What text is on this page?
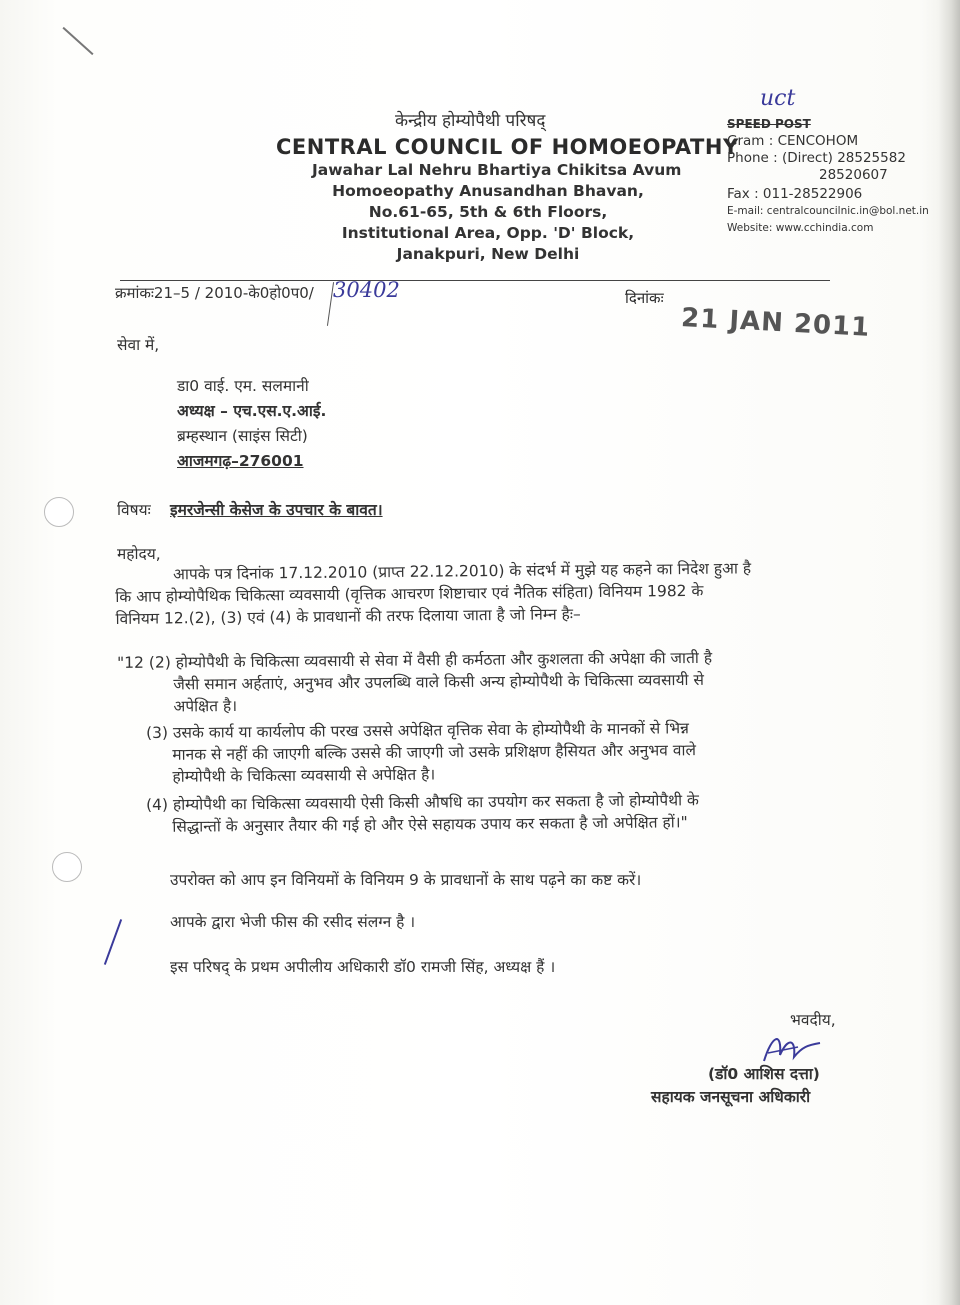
केन्द्रीय होम्योपैथी परिषद्
CENTRAL COUNCIL OF HOMOEOPATHY
Jawahar Lal Nehru Bhartiya Chikitsa Avum
Homoeopathy Anusandhan Bhavan,
No.61-65, 5th & 6th Floors,
Institutional Area, Opp. 'D' Block,
Janakpuri, New Delhi
uct
SPEED POST
Gram : CENCOHOM
Phone : (Direct) 28525582
28520607
Fax : 011-28522906
E-mail: centralcouncilnic.in@bol.net.in
Website: www.cchindia.com
क्रमांकः21–5 / 2010-के0हो0प0/ 30402	दिनांकः
21 JAN 2011
सेवा में,
डा0 वाई. एम. सलमानी
अध्यक्ष – एच.एस.ए.आई.
ब्रम्हस्थान (साइंस सिटी)
आजमगढ़–276001
विषयः इमरजेन्सी केसेज के उपचार के बावत।
महोदय,
आपके पत्र दिनांक 17.12.2010 (प्राप्त 22.12.2010) के संदर्भ में मुझे यह कहने का निदेश हुआ है
कि आप होम्योपैथिक चिकित्सा व्यवसायी (वृत्तिक आचरण शिष्टाचार एवं नैतिक संहिता) विनियम 1982 के
विनियम 12.(2), (3) एवं (4) के प्रावधानों की तरफ दिलाया जाता है जो निम्न हैः–
"12 (2) होम्योपैथी के चिकित्सा व्यवसायी से सेवा में वैसी ही कर्मठता और कुशलता की अपेक्षा की जाती है
जैसी समान अर्हताएं, अनुभव और उपलब्धि वाले किसी अन्य होम्योपैथी के चिकित्सा व्यवसायी से
अपेक्षित है।
(3) उसके कार्य या कार्यलोप की परख उससे अपेक्षित वृत्तिक सेवा के होम्योपैथी के मानकों से भिन्न
मानक से नहीं की जाएगी बल्कि उससे की जाएगी जो उसके प्रशिक्षण हैसियत और अनुभव वाले
होम्योपैथी के चिकित्सा व्यवसायी से अपेक्षित है।
(4) होम्योपैथी का चिकित्सा व्यवसायी ऐसी किसी औषधि का उपयोग कर सकता है जो होम्योपैथी के
सिद्धान्तों के अनुसार तैयार की गई हो और ऐसे सहायक उपाय कर सकता है जो अपेक्षित हों।"
उपरोक्त को आप इन विनियमों के विनियम 9 के प्रावधानों के साथ पढ़ने का कष्ट करें।
आपके द्वारा भेजी फीस की रसीद संलग्न है ।
इस परिषद् के प्रथम अपीलीय अधिकारी डॉ0 रामजी सिंह, अध्यक्ष हैं ।
भवदीय,
(डॉ0 आशिस दत्ता)
सहायक जनसूचना अधिकारी
